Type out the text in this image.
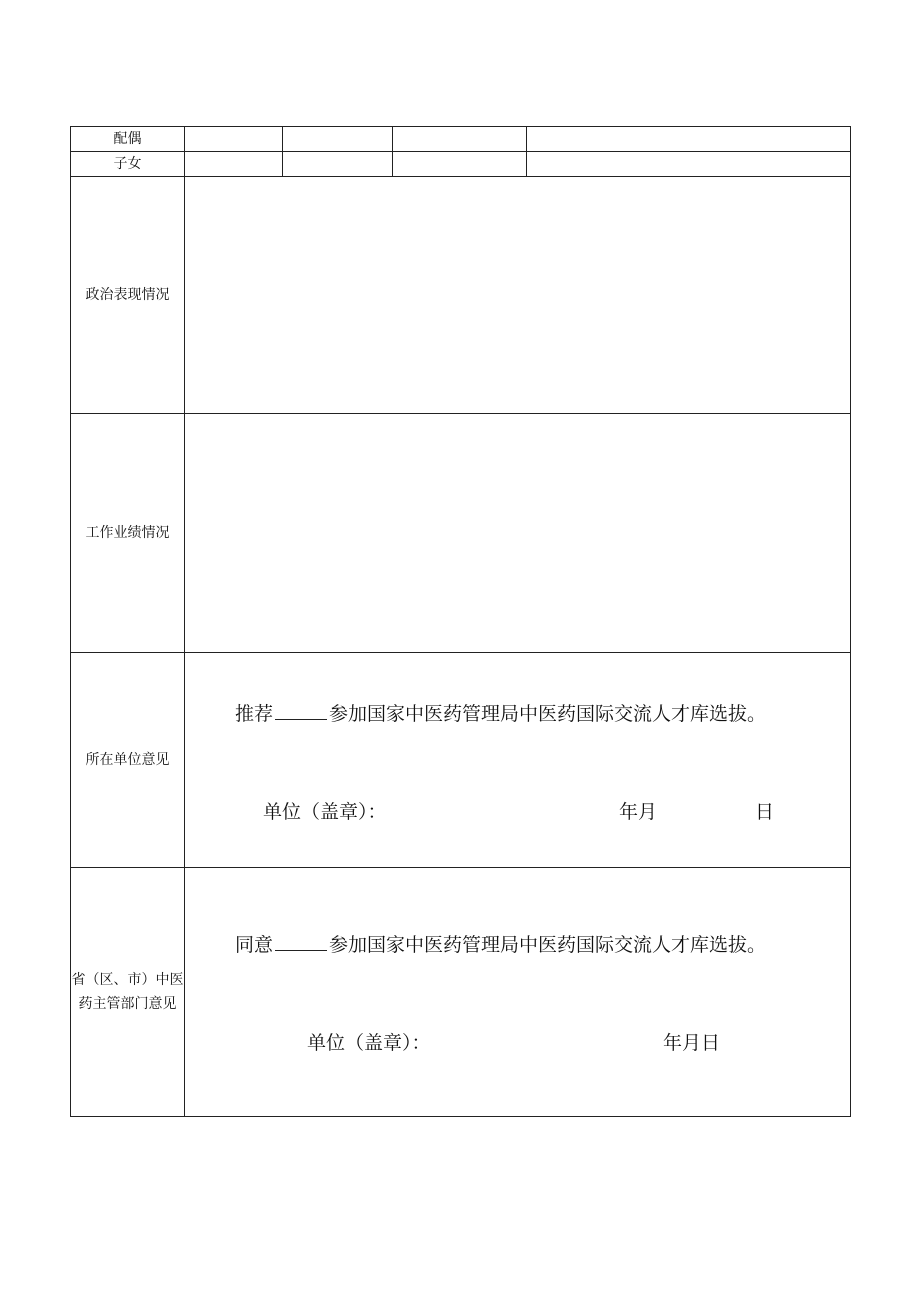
配偶				
子女				
政治表现情况				
工作业绩情况				
所在单位意见	推荐 参加国家中医药管理局中医药国际交流人才库选拔。
单位（盖章）： 年月 日			

省（区、市）中医药主管部门意见	同意 参加国家中医药管理局中医药国际交流人才库选拔。
单位（盖章）： 年月日			
